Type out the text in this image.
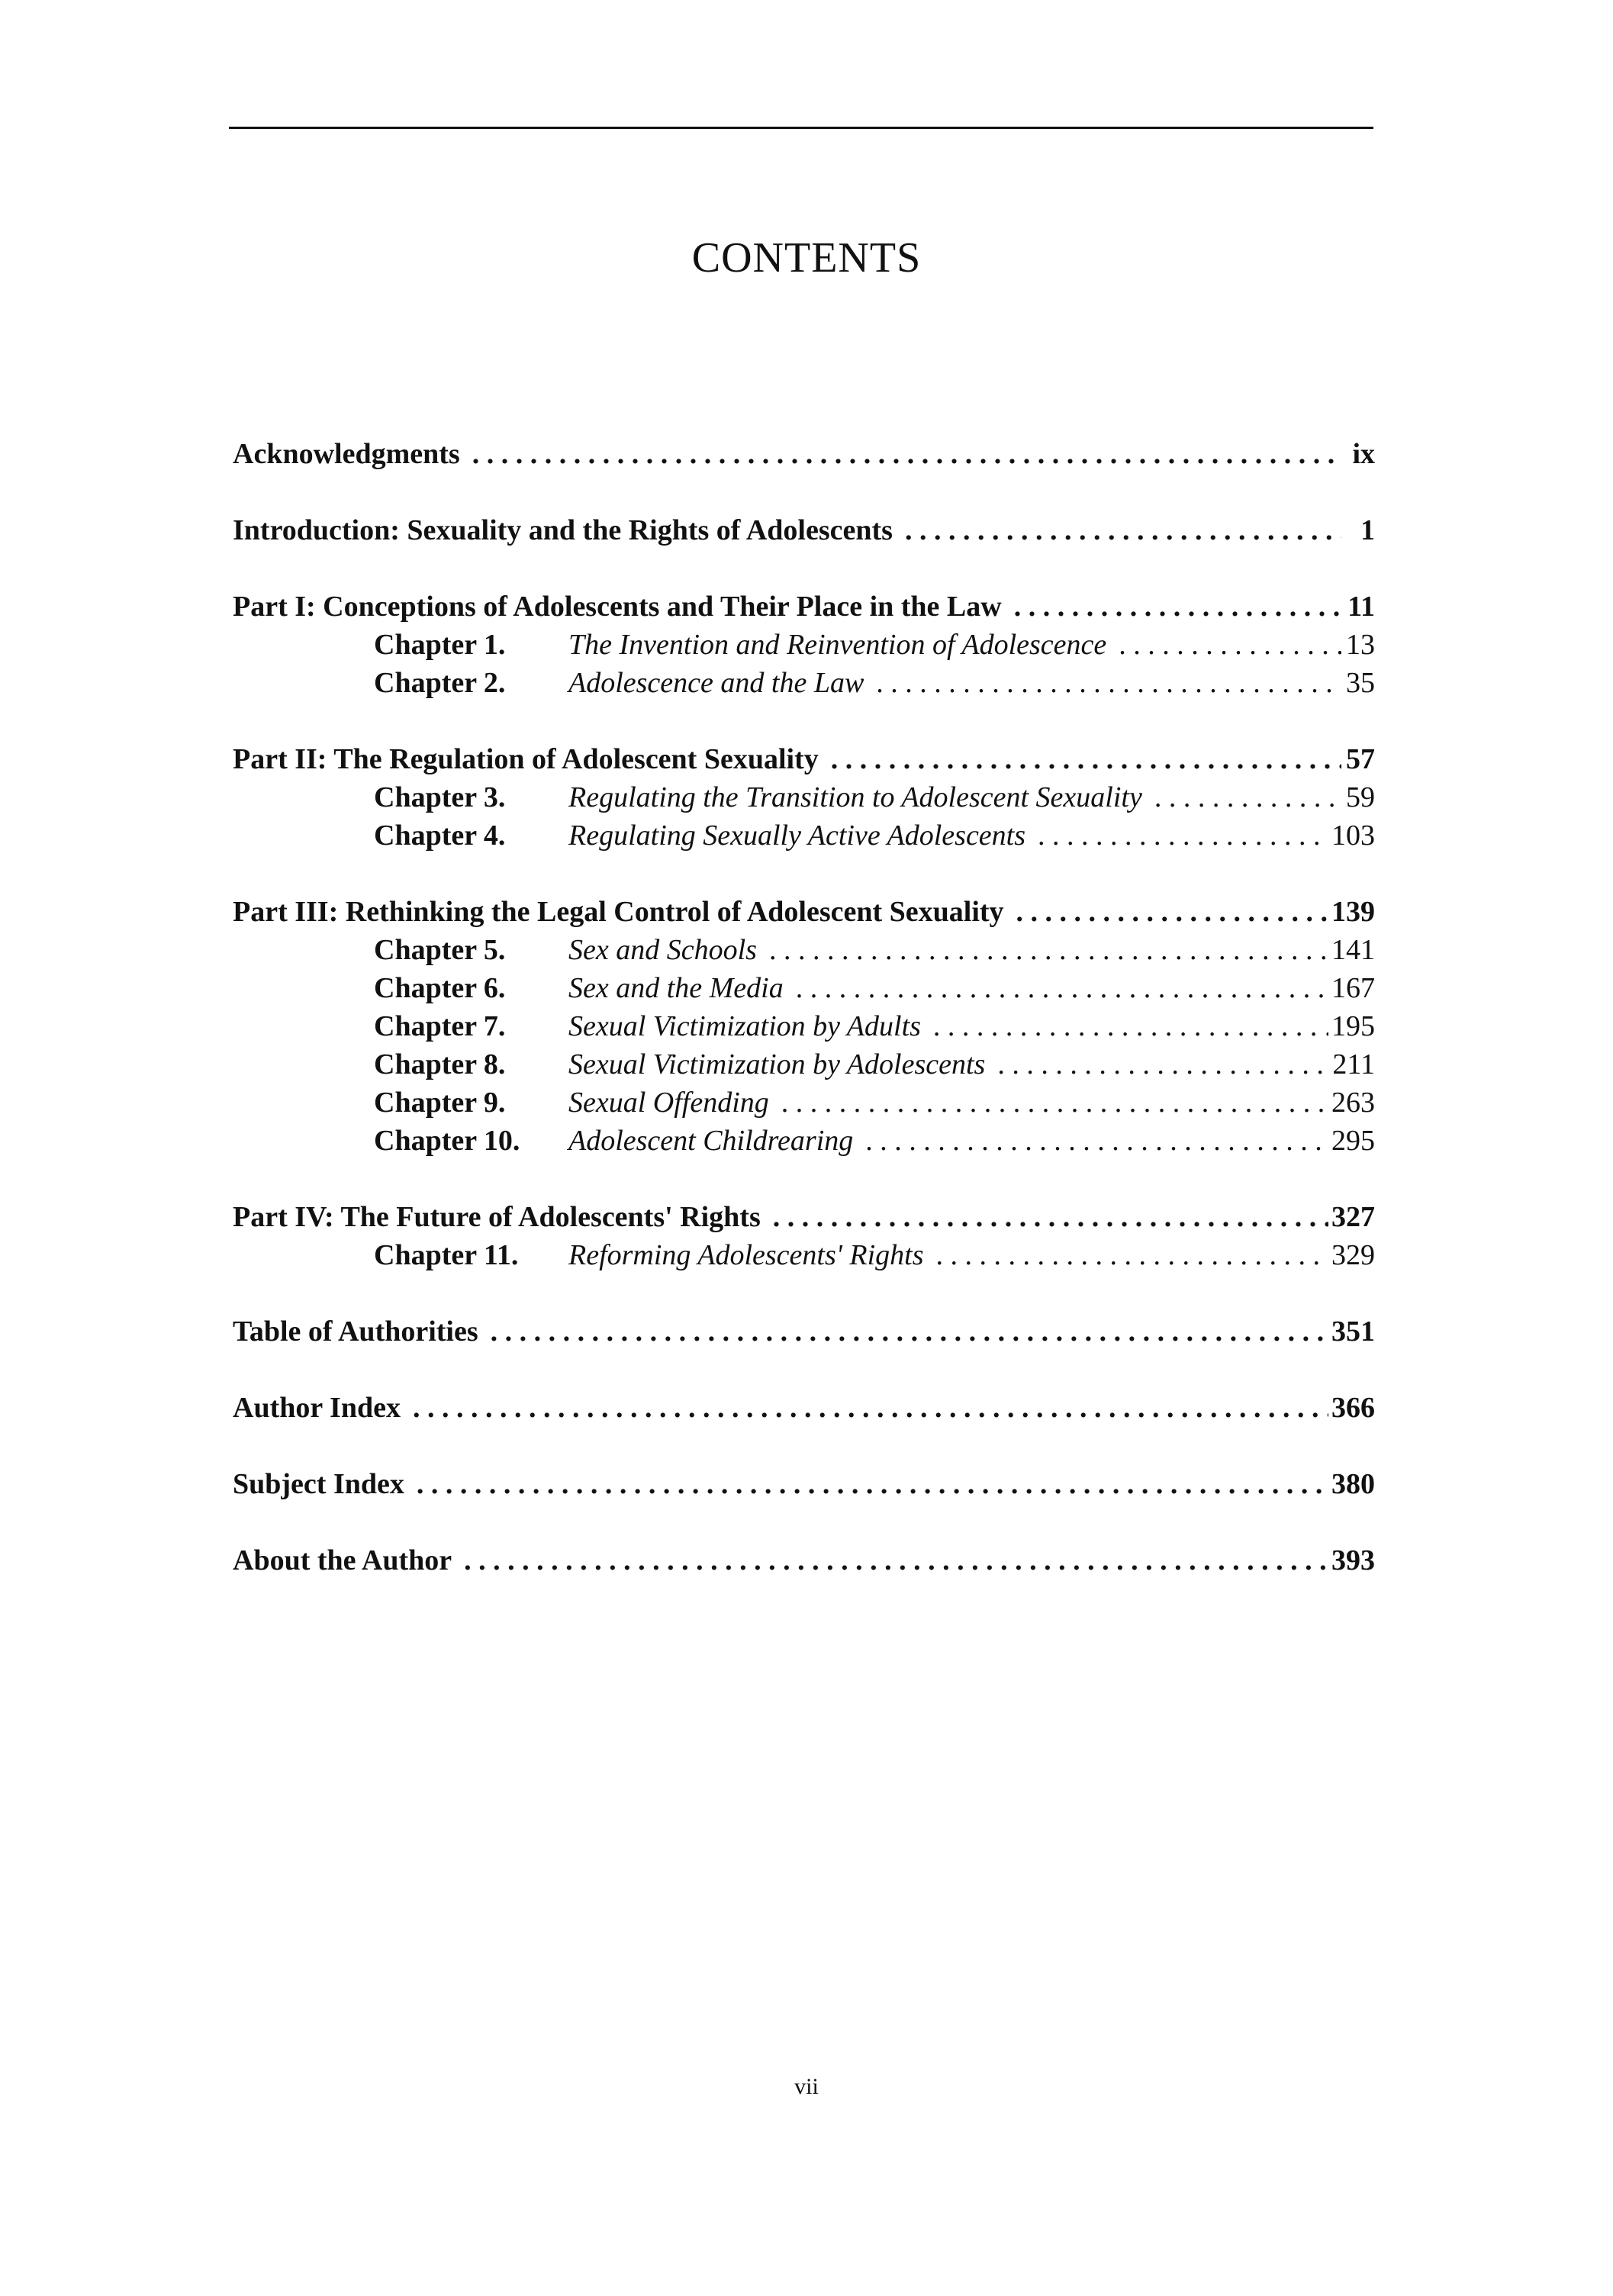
CONTENTS
Acknowledgments . . .	ix
Introduction: Sexuality and the Rights of Adolescents . . .	1
Part I: Conceptions of Adolescents and Their Place in the Law . . .	11
Chapter 1.	The Invention and Reinvention of Adolescence . . .	13
Chapter 2.	Adolescence and the Law . . .	35
Part II: The Regulation of Adolescent Sexuality . . .	57
Chapter 3.	Regulating the Transition to Adolescent Sexuality . . .	59
Chapter 4.	Regulating Sexually Active Adolescents . . .	103
Part III: Rethinking the Legal Control of Adolescent Sexuality . . .	139
Chapter 5.	Sex and Schools . . .	141
Chapter 6.	Sex and the Media . . .	167
Chapter 7.	Sexual Victimization by Adults . . .	195
Chapter 8.	Sexual Victimization by Adolescents . . .	211
Chapter 9.	Sexual Offending . . .	263
Chapter 10.	Adolescent Childrearing . . .	295
Part IV: The Future of Adolescents' Rights . . .	327
Chapter 11.	Reforming Adolescents' Rights . . .	329
Table of Authorities . . .	351
Author Index . . .	366
Subject Index . . .	380
About the Author . . .	393
vii
